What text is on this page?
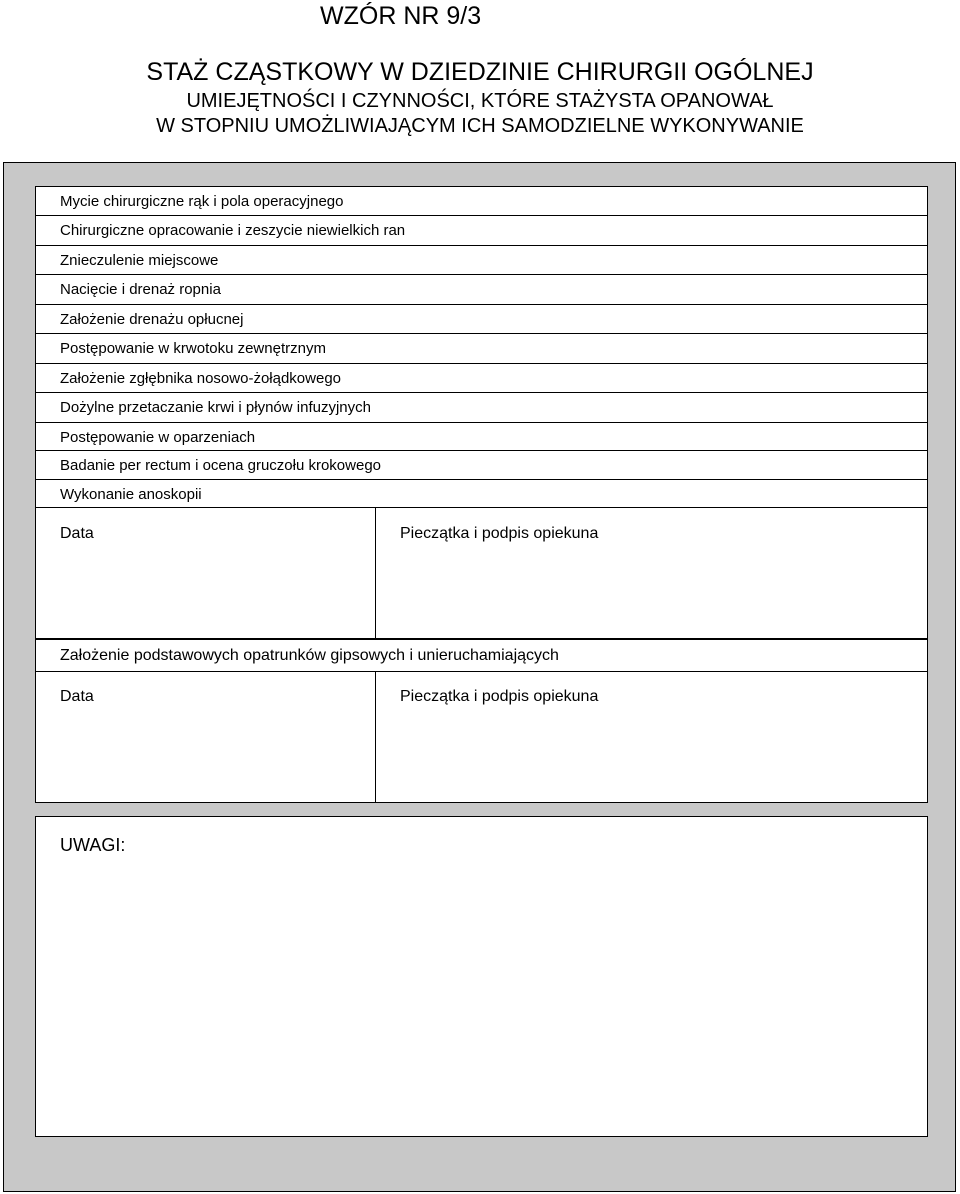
WZÓR NR 9/3
STAŻ CZĄSTKOWY W DZIEDZINIE CHIRURGII OGÓLNEJ
UMIEJĘTNOŚCI I CZYNNOŚCI, KTÓRE STAŻYSTA OPANOWAŁ
W STOPNIU UMOŻLIWIAJĄCYM ICH SAMODZIELNE WYKONYWANIE
Mycie chirurgiczne rąk i pola operacyjnego
Chirurgiczne opracowanie i zeszycie niewielkich ran
Znieczulenie miejscowe
Nacięcie i drenaż ropnia
Założenie drenażu opłucnej
Postępowanie w krwotoku zewnętrznym
Założenie zgłębnika nosowo-żołądkowego
Dożylne przetaczanie krwi i płynów infuzyjnych
Postępowanie w oparzeniach
Badanie per rectum i ocena gruczołu krokowego
Wykonanie anoskopii
Data	Pieczątka i podpis opiekuna
Założenie podstawowych opatrunków gipsowych i unieruchamiających
Data	Pieczątka i podpis opiekuna
UWAGI:
